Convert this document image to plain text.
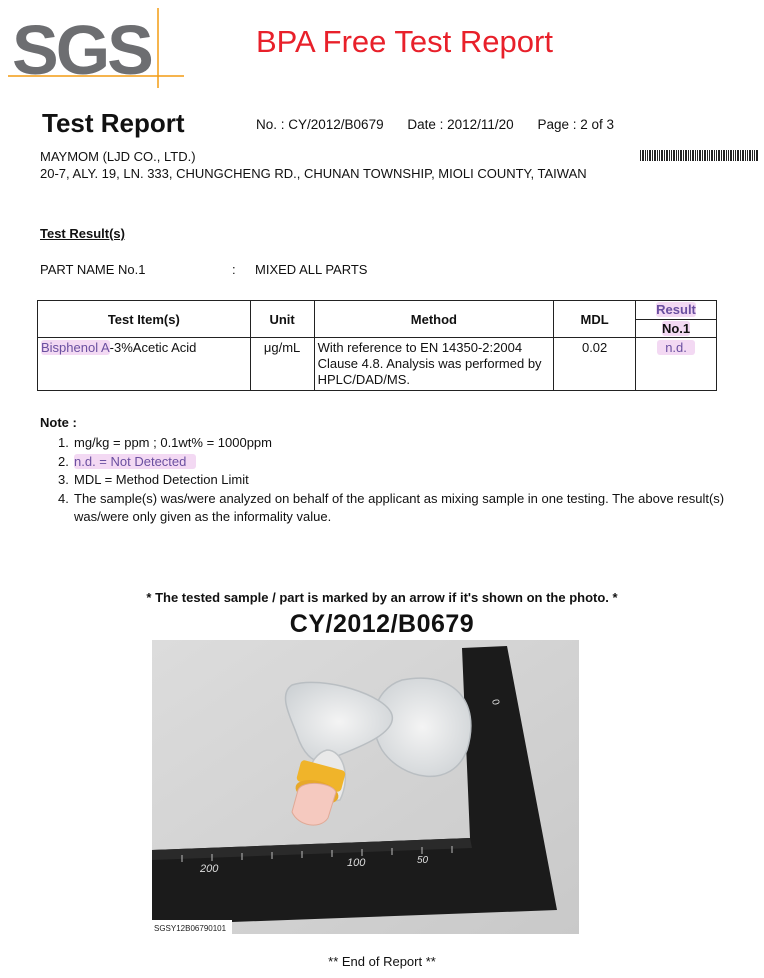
SGS	BPA Free Test Report
Test Report	No. : CY/2012/B0679 Date : 2012/11/20 Page : 2 of 3
MAYMOM (LJD CO., LTD.)
20-7, ALY. 19, LN. 333, CHUNGCHENG RD., CHUNAN TOWNSHIP, MIOLI COUNTY, TAIWAN
Test Result(s)
PART NAME No.1	: MIXED ALL PARTS
Test Item(s)	Unit	Method	MDL	Result
No.1

Bisphenol A-3%Acetic Acid	μg/mL	With reference to EN 14350-2:2004 Clause 4.8. Analysis was performed by HPLC/DAD/MS.	0.02	n.d.
Note :
1. mg/kg = ppm ; 0.1wt% = 1000ppm
2. n.d. = Not Detected
3. MDL = Method Detection Limit
4. The sample(s) was/were analyzed on behalf of the applicant as mixing sample in one testing. The above result(s) was/were only given as the informality value.
* The tested sample / part is marked by an arrow if it's shown on the photo. *
CY/2012/B0679
200	100	50
0
SGSY12B06790101
** End of Report **
